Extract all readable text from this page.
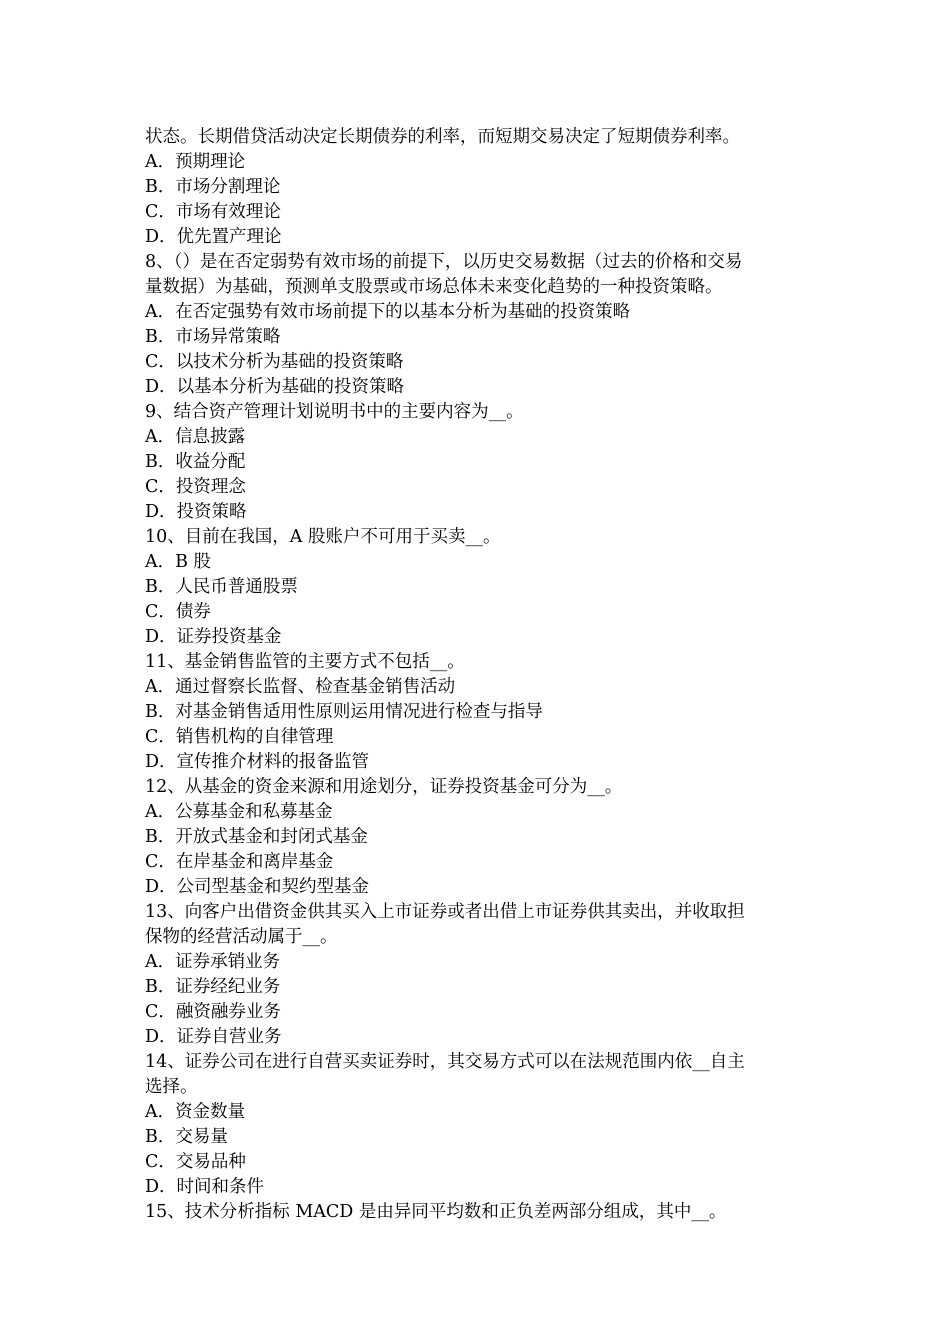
状态。长期借贷活动决定长期债券的利率，而短期交易决定了短期债券利率。
A．预期理论
B．市场分割理论
C．市场有效理论
D．优先置产理论
8、（）是在否定弱势有效市场的前提下，以历史交易数据（过去的价格和交易
量数据）为基础，预测单支股票或市场总体未来变化趋势的一种投资策略。
A．在否定强势有效市场前提下的以基本分析为基础的投资策略
B．市场异常策略
C．以技术分析为基础的投资策略
D．以基本分析为基础的投资策略
9、结合资产管理计划说明书中的主要内容为__。
A．信息披露
B．收益分配
C．投资理念
D．投资策略
10、目前在我国，A 股账户不可用于买卖__。
A．B 股
B．人民币普通股票
C．债券
D．证券投资基金
11、基金销售监管的主要方式不包括__。
A．通过督察长监督、检查基金销售活动
B．对基金销售适用性原则运用情况进行检查与指导
C．销售机构的自律管理
D．宣传推介材料的报备监管
12、从基金的资金来源和用途划分，证券投资基金可分为__。
A．公募基金和私募基金
B．开放式基金和封闭式基金
C．在岸基金和离岸基金
D．公司型基金和契约型基金
13、向客户出借资金供其买入上市证券或者出借上市证券供其卖出，并收取担
保物的经营活动属于__。
A．证券承销业务
B．证券经纪业务
C．融资融券业务
D．证券自营业务
14、证券公司在进行自营买卖证券时，其交易方式可以在法规范围内依__自主
选择。
A．资金数量
B．交易量
C．交易品种
D．时间和条件
15、技术分析指标 MACD 是由异同平均数和正负差两部分组成，其中__。
